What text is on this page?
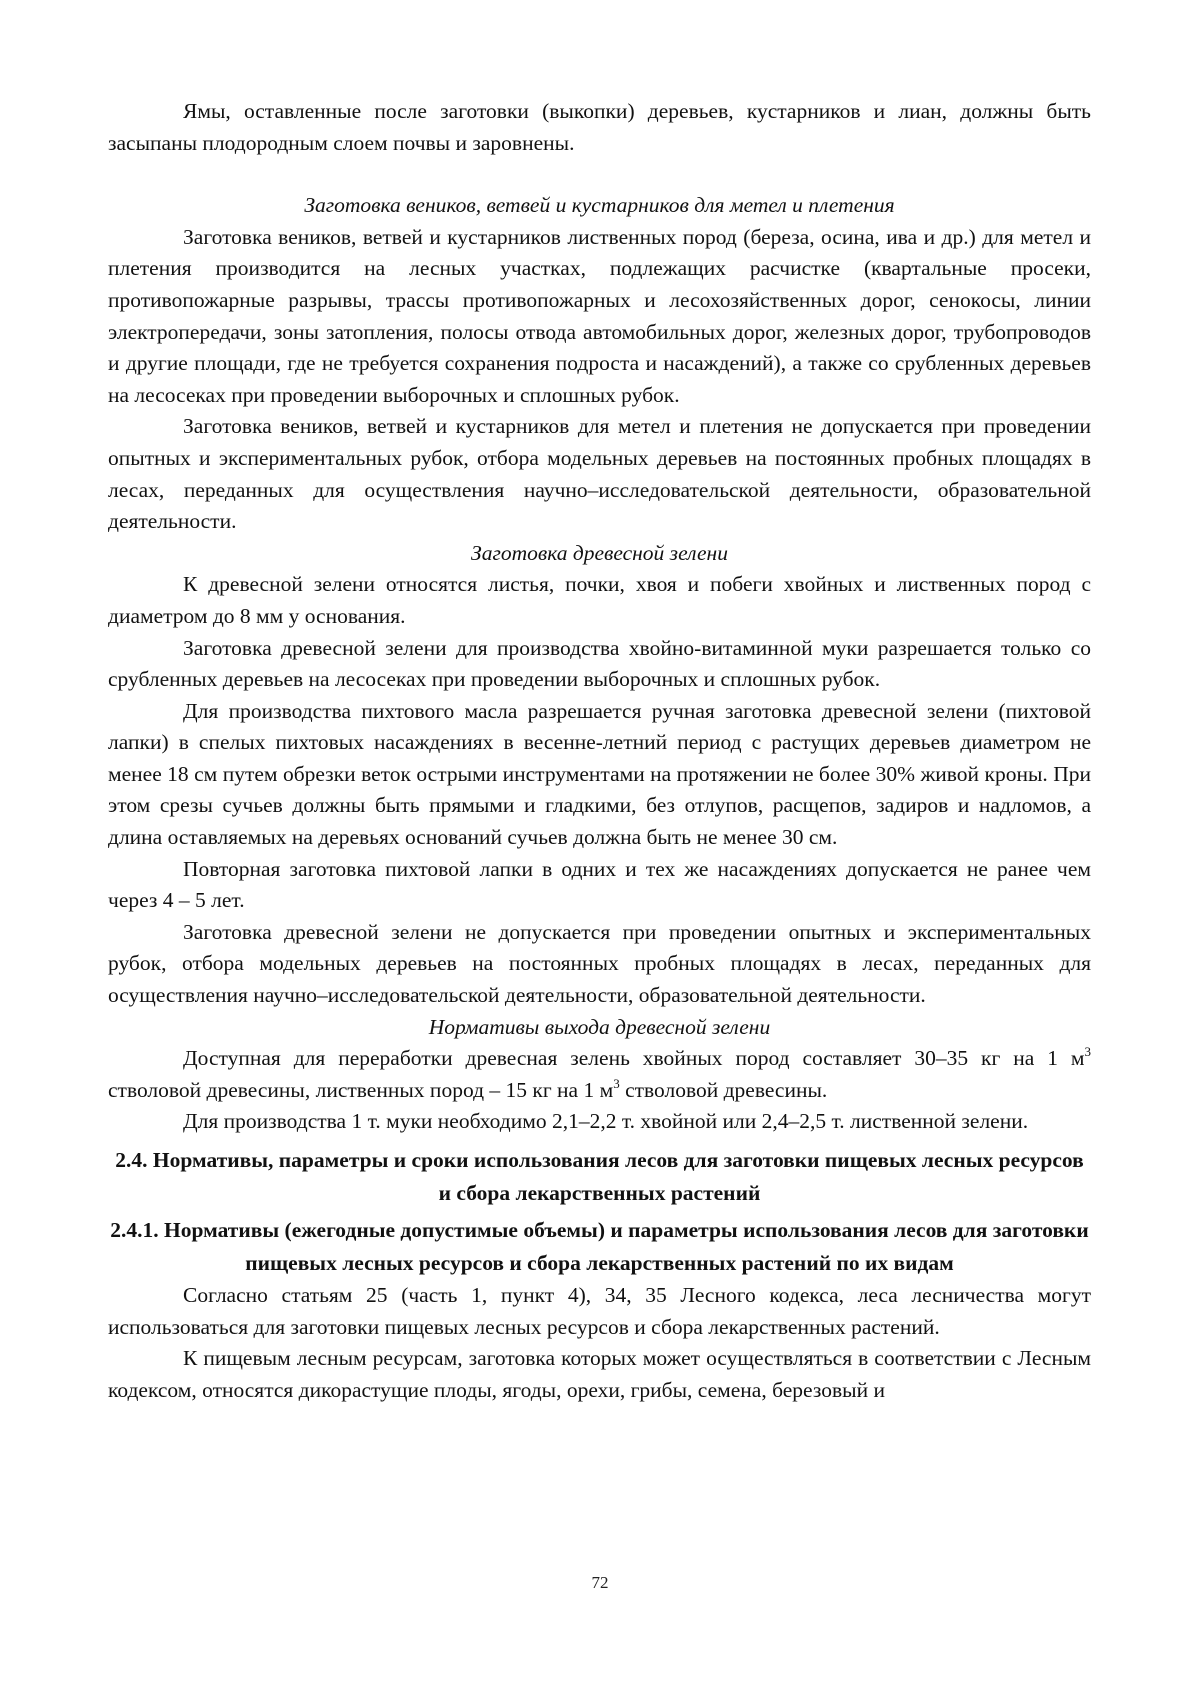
Ямы, оставленные после заготовки (выкопки) деревьев, кустарников и лиан, должны быть засыпаны плодородным слоем почвы и заровнены.

Заготовка веников, ветвей и кустарников для метел и плетения

Заготовка веников, ветвей и кустарников лиственных пород (береза, осина, ива и др.) для метел и плетения производится на лесных участках, подлежащих расчистке (квартальные просеки, противопожарные разрывы, трассы противопожарных и лесохозяйственных дорог, сенокосы, линии электропередачи, зоны затопления, полосы отвода автомобильных дорог, железных дорог, трубопроводов и другие площади, где не требуется сохранения подроста и насаждений), а также со срубленных деревьев на лесосеках при проведении выборочных и сплошных рубок.

Заготовка веников, ветвей и кустарников для метел и плетения не допускается при проведении опытных и экспериментальных рубок, отбора модельных деревьев на постоянных пробных площадях в лесах, переданных для осуществления научно–исследовательской деятельности, образовательной деятельности.

Заготовка древесной зелени

К древесной зелени относятся листья, почки, хвоя и побеги хвойных и лиственных пород с диаметром до 8 мм у основания.

Заготовка древесной зелени для производства хвойно-витаминной муки разрешается только со срубленных деревьев на лесосеках при проведении выборочных и сплошных рубок.

Для производства пихтового масла разрешается ручная заготовка древесной зелени (пихтовой лапки) в спелых пихтовых насаждениях в весенне-летний период с растущих деревьев диаметром не менее 18 см путем обрезки веток острыми инструментами на протяжении не более 30% живой кроны. При этом срезы сучьев должны быть прямыми и гладкими, без отлупов, расщепов, задиров и надломов, а длина оставляемых на деревьях оснований сучьев должна быть не менее 30 см.

Повторная заготовка пихтовой лапки в одних и тех же насаждениях допускается не ранее чем через 4 – 5 лет.

Заготовка древесной зелени не допускается при проведении опытных и экспериментальных рубок, отбора модельных деревьев на постоянных пробных площадях в лесах, переданных для осуществления научно–исследовательской деятельности, образовательной деятельности.

Нормативы выхода древесной зелени

Доступная для переработки древесная зелень хвойных пород составляет 30–35 кг на 1 $м^3$ стволовой древесины, лиственных пород – 15 кг на 1 $м^3$ стволовой древесины.

Для производства 1 т. муки необходимо 2,1–2,2 т. хвойной или 2,4–2,5 т. лиственной зелени.

2.4. Нормативы, параметры и сроки использования лесов для заготовки пищевых лесных ресурсов и сбора лекарственных растений

2.4.1. Нормативы (ежегодные допустимые объемы) и параметры использования лесов для заготовки пищевых лесных ресурсов и сбора лекарственных растений по их видам

Согласно статьям 25 (часть 1, пункт 4), 34, 35 Лесного кодекса, леса лесничества могут использоваться для заготовки пищевых лесных ресурсов и сбора лекарственных растений.

К пищевым лесным ресурсам, заготовка которых может осуществляться в соответствии с Лесным кодексом, относятся дикорастущие плоды, ягоды, орехи, грибы, семена, березовый и

72
